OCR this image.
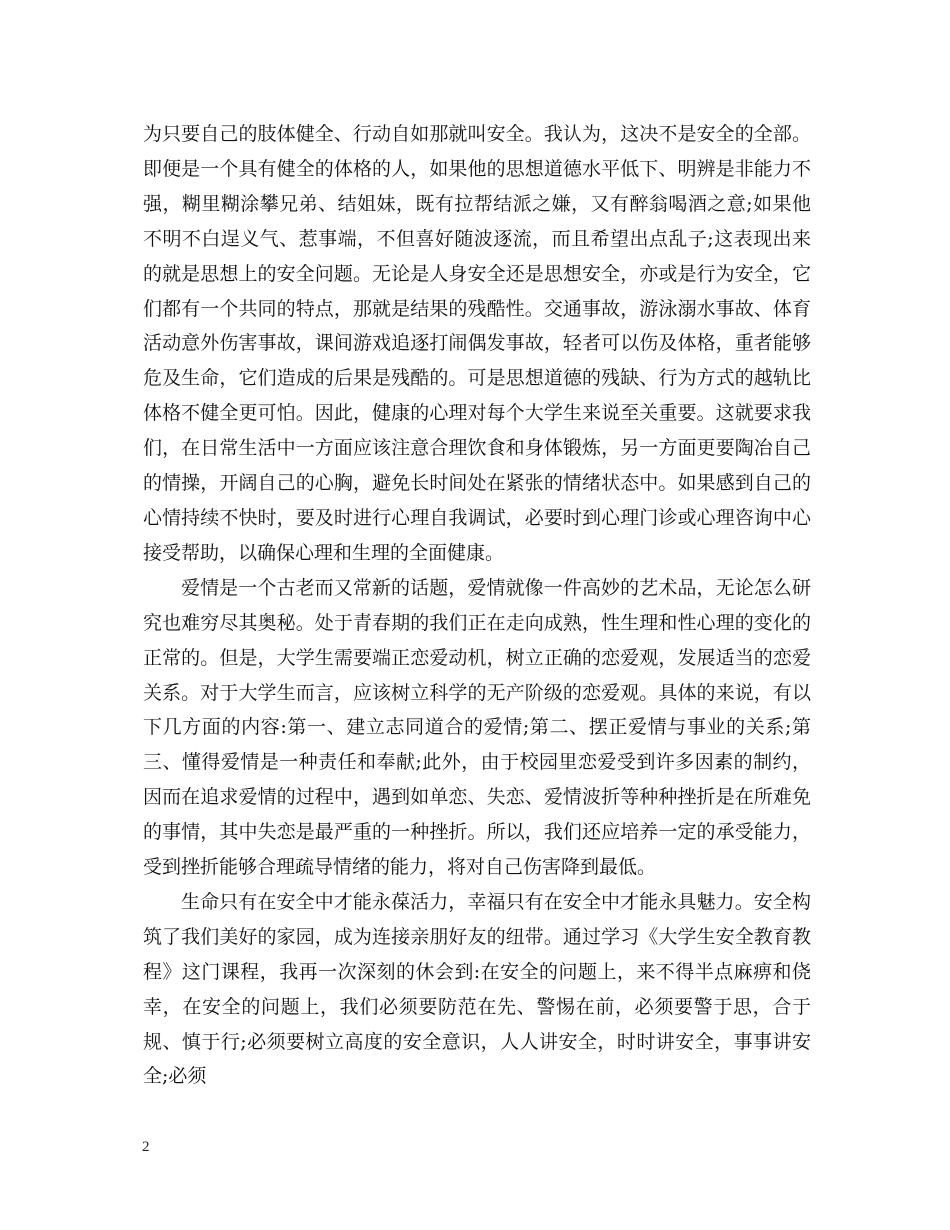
为只要自己的肢体健全、行动自如那就叫安全。我认为，这决不是安全的全部。即便是一个具有健全的体格的人，如果他的思想道德水平低下、明辨是非能力不强，糊里糊涂攀兄弟、结姐妹，既有拉帮结派之嫌，又有醉翁喝酒之意;如果他不明不白逞义气、惹事端，不但喜好随波逐流，而且希望出点乱子;这表现出来的就是思想上的安全问题。无论是人身安全还是思想安全，亦或是行为安全，它们都有一个共同的特点，那就是结果的残酷性。交通事故，游泳溺水事故、体育活动意外伤害事故，课间游戏追逐打闹偶发事故，轻者可以伤及体格，重者能够危及生命，它们造成的后果是残酷的。可是思想道德的残缺、行为方式的越轨比体格不健全更可怕。因此，健康的心理对每个大学生来说至关重要。这就要求我们，在日常生活中一方面应该注意合理饮食和身体锻炼，另一方面更要陶冶自己的情操，开阔自己的心胸，避免长时间处在紧张的情绪状态中。如果感到自己的心情持续不快时，要及时进行心理自我调试，必要时到心理门诊或心理咨询中心接受帮助，以确保心理和生理的全面健康。

爱情是一个古老而又常新的话题，爱情就像一件高妙的艺术品，无论怎么研究也难穷尽其奥秘。处于青春期的我们正在走向成熟，性生理和性心理的变化的正常的。但是，大学生需要端正恋爱动机，树立正确的恋爱观，发展适当的恋爱关系。对于大学生而言，应该树立科学的无产阶级的恋爱观。具体的来说，有以下几方面的内容:第一、建立志同道合的爱情;第二、摆正爱情与事业的关系;第三、懂得爱情是一种责任和奉献;此外，由于校园里恋爱受到许多因素的制约，因而在追求爱情的过程中，遇到如单恋、失恋、爱情波折等种种挫折是在所难免的事情，其中失恋是最严重的一种挫折。所以，我们还应培养一定的承受能力，受到挫折能够合理疏导情绪的能力，将对自己伤害降到最低。

生命只有在安全中才能永葆活力，幸福只有在安全中才能永具魅力。安全构筑了我们美好的家园，成为连接亲朋好友的纽带。通过学习《大学生安全教育教程》这门课程，我再一次深刻的休会到:在安全的问题上，来不得半点麻痹和侥幸，在安全的问题上，我们必须要防范在先、警惕在前，必须要警于思，合于规、慎于行;必须要树立高度的安全意识，人人讲安全，时时讲安全，事事讲安全;必须

2
